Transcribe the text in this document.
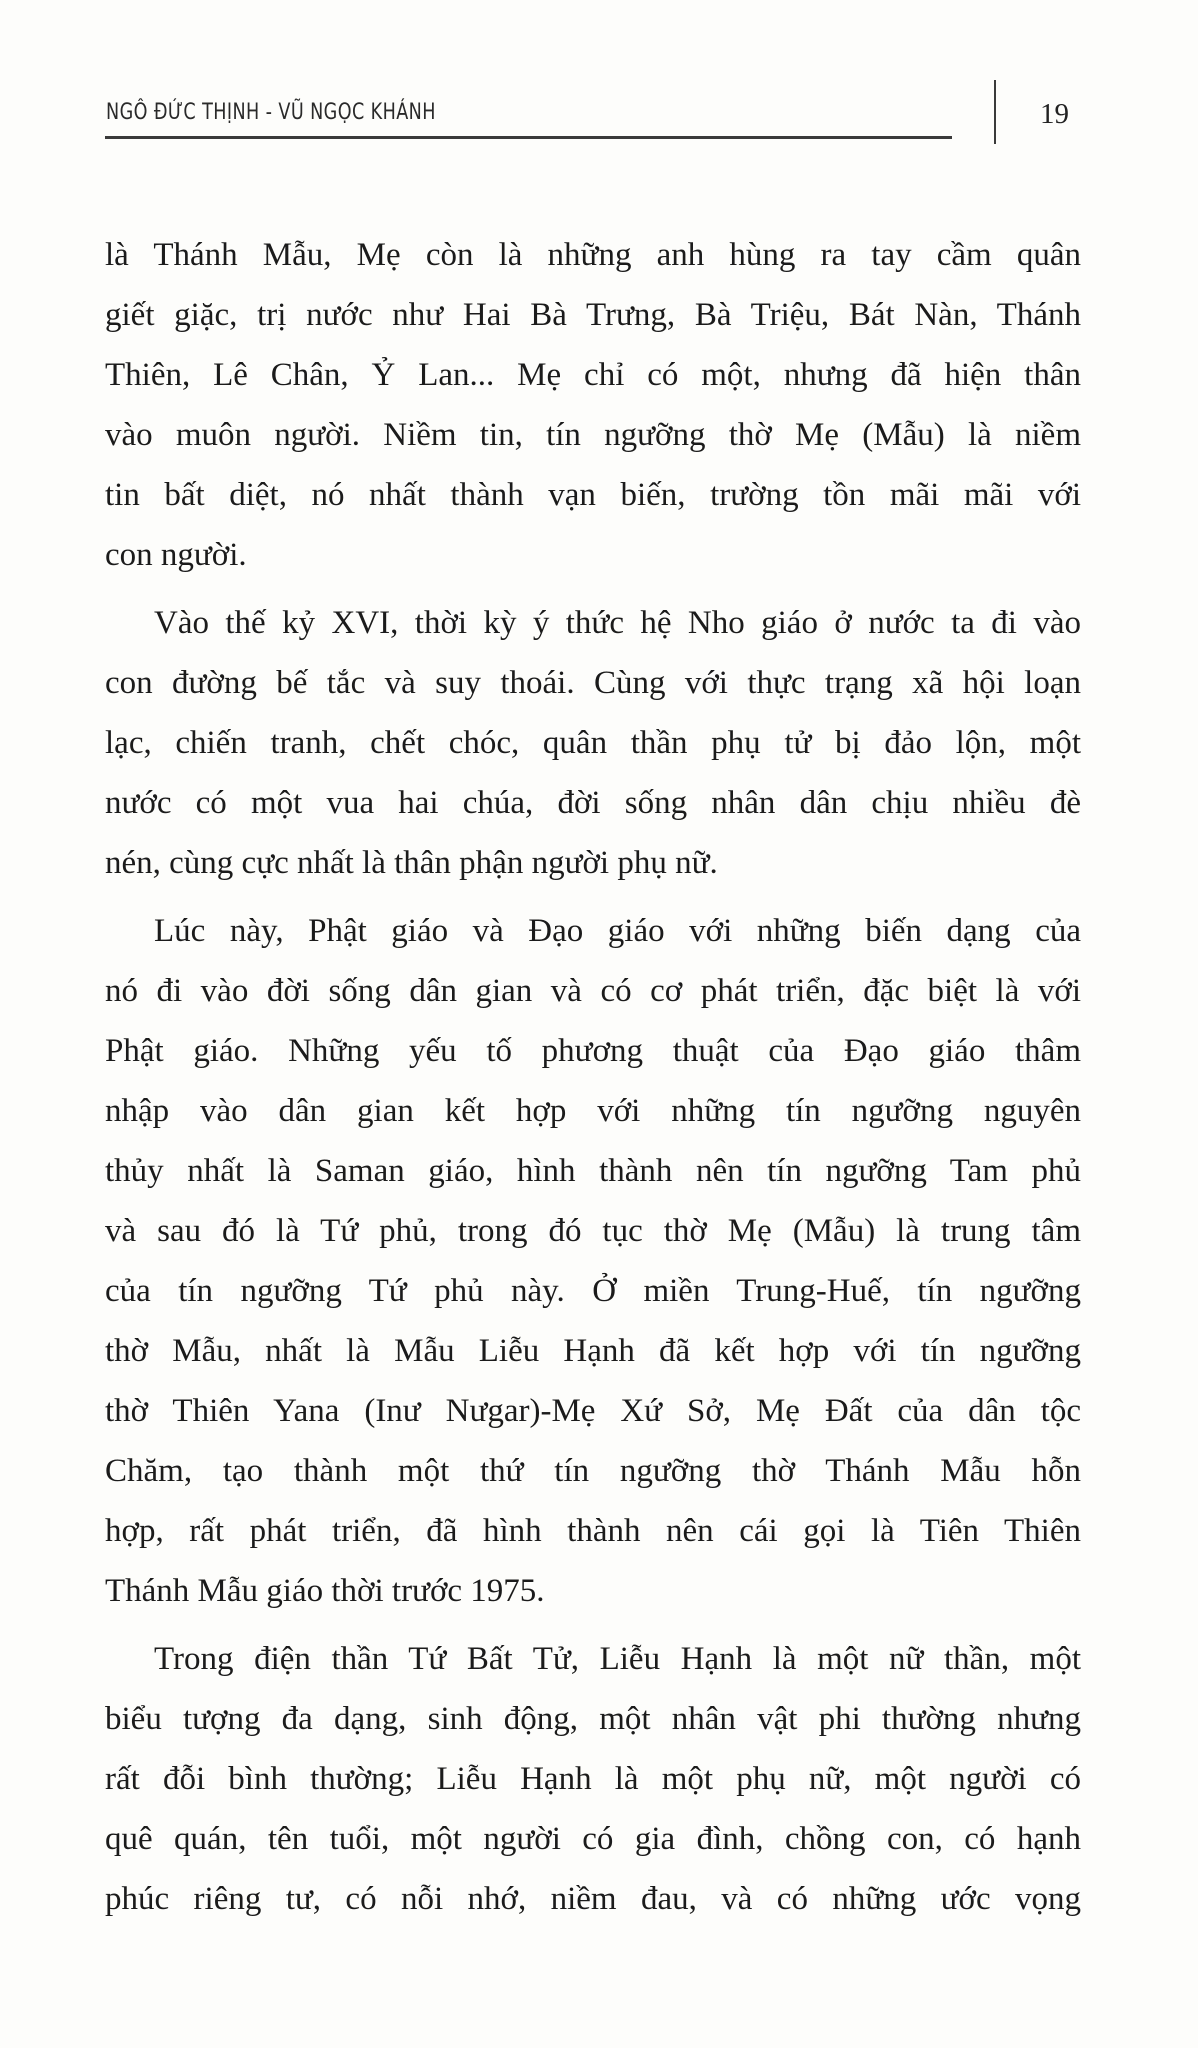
NGÔ ĐỨC THỊNH - VŨ NGỌC KHÁNH	19
là Thánh Mẫu, Mẹ còn là những anh hùng ra tay cầm quân
giết giặc, trị nước như Hai Bà Trưng, Bà Triệu, Bát Nàn, Thánh
Thiên, Lê Chân, Ỷ Lan... Mẹ chỉ có một, nhưng đã hiện thân
vào muôn người. Niềm tin, tín ngưỡng thờ Mẹ (Mẫu) là niềm
tin bất diệt, nó nhất thành vạn biến, trường tồn mãi mãi với
con người.
Vào thế kỷ XVI, thời kỳ ý thức hệ Nho giáo ở nước ta đi vào
con đường bế tắc và suy thoái. Cùng với thực trạng xã hội loạn
lạc, chiến tranh, chết chóc, quân thần phụ tử bị đảo lộn, một
nước có một vua hai chúa, đời sống nhân dân chịu nhiều đè
nén, cùng cực nhất là thân phận người phụ nữ.
Lúc này, Phật giáo và Đạo giáo với những biến dạng của
nó đi vào đời sống dân gian và có cơ phát triển, đặc biệt là với
Phật giáo. Những yếu tố phương thuật của Đạo giáo thâm
nhập vào dân gian kết hợp với những tín ngưỡng nguyên
thủy nhất là Saman giáo, hình thành nên tín ngưỡng Tam phủ
và sau đó là Tứ phủ, trong đó tục thờ Mẹ (Mẫu) là trung tâm
của tín ngưỡng Tứ phủ này. Ở miền Trung-Huế, tín ngưỡng
thờ Mẫu, nhất là Mẫu Liễu Hạnh đã kết hợp với tín ngưỡng
thờ Thiên Yana (Inư Nưgar)-Mẹ Xứ Sở, Mẹ Đất của dân tộc
Chăm, tạo thành một thứ tín ngưỡng thờ Thánh Mẫu hỗn
hợp, rất phát triển, đã hình thành nên cái gọi là Tiên Thiên
Thánh Mẫu giáo thời trước 1975.
Trong điện thần Tứ Bất Tử, Liễu Hạnh là một nữ thần, một
biểu tượng đa dạng, sinh động, một nhân vật phi thường nhưng
rất đỗi bình thường; Liễu Hạnh là một phụ nữ, một người có
quê quán, tên tuổi, một người có gia đình, chồng con, có hạnh
phúc riêng tư, có nỗi nhớ, niềm đau, và có những ước vọng
